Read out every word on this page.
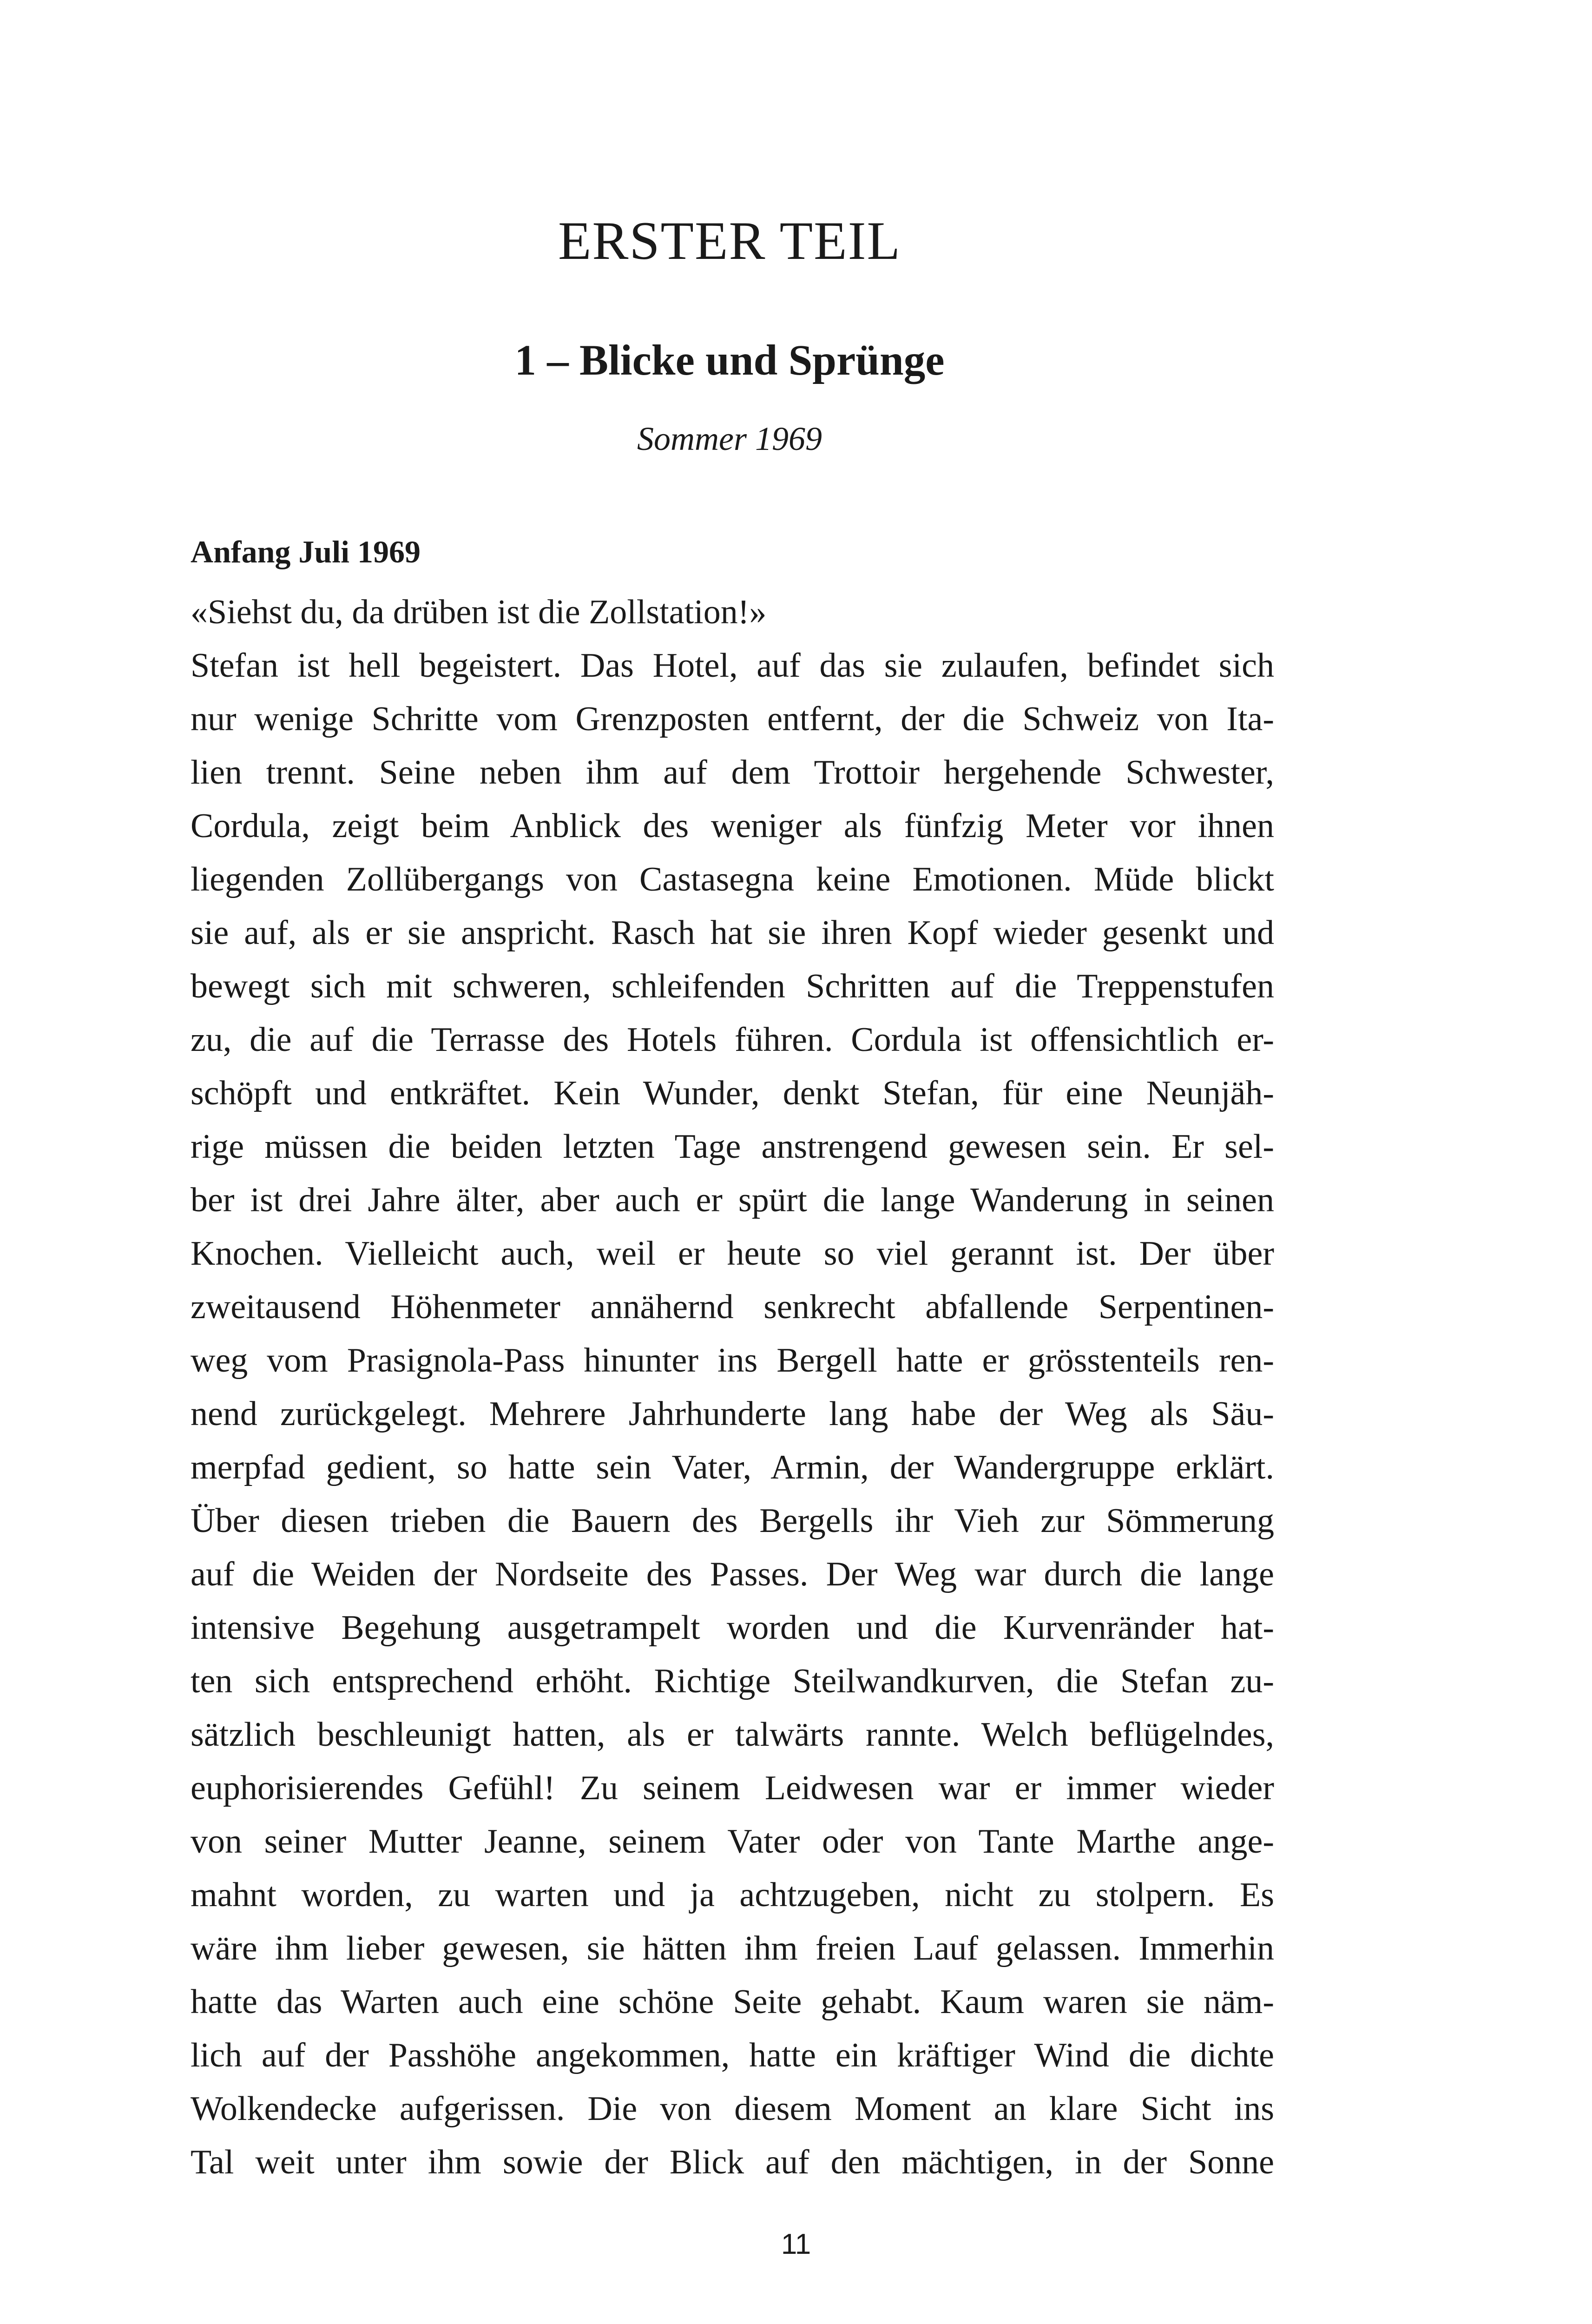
ERSTER TEIL
1 – Blicke und Sprünge
Sommer 1969
Anfang Juli 1969
«Siehst du, da drüben ist die Zollstation!»
Stefan ist hell begeistert. Das Hotel, auf das sie zulaufen, befindet sich
nur wenige Schritte vom Grenzposten entfernt, der die Schweiz von Ita-
lien trennt. Seine neben ihm auf dem Trottoir hergehende Schwester,
Cordula, zeigt beim Anblick des weniger als fünfzig Meter vor ihnen
liegenden Zollübergangs von Castasegna keine Emotionen. Müde blickt
sie auf, als er sie anspricht. Rasch hat sie ihren Kopf wieder gesenkt und
bewegt sich mit schweren, schleifenden Schritten auf die Treppenstufen
zu, die auf die Terrasse des Hotels führen. Cordula ist offensichtlich er-
schöpft und entkräftet. Kein Wunder, denkt Stefan, für eine Neunjäh-
rige müssen die beiden letzten Tage anstrengend gewesen sein. Er sel-
ber ist drei Jahre älter, aber auch er spürt die lange Wanderung in seinen
Knochen. Vielleicht auch, weil er heute so viel gerannt ist. Der über
zweitausend Höhenmeter annähernd senkrecht abfallende Serpentinen-
weg vom Prasignola-Pass hinunter ins Bergell hatte er grösstenteils ren-
nend zurückgelegt. Mehrere Jahrhunderte lang habe der Weg als Säu-
merpfad gedient, so hatte sein Vater, Armin, der Wandergruppe erklärt.
Über diesen trieben die Bauern des Bergells ihr Vieh zur Sömmerung
auf die Weiden der Nordseite des Passes. Der Weg war durch die lange
intensive Begehung ausgetrampelt worden und die Kurvenränder hat-
ten sich entsprechend erhöht. Richtige Steilwandkurven, die Stefan zu-
sätzlich beschleunigt hatten, als er talwärts rannte. Welch beflügelndes,
euphorisierendes Gefühl! Zu seinem Leidwesen war er immer wieder
von seiner Mutter Jeanne, seinem Vater oder von Tante Marthe ange-
mahnt worden, zu warten und ja achtzugeben, nicht zu stolpern. Es
wäre ihm lieber gewesen, sie hätten ihm freien Lauf gelassen. Immerhin
hatte das Warten auch eine schöne Seite gehabt. Kaum waren sie näm-
lich auf der Passhöhe angekommen, hatte ein kräftiger Wind die dichte
Wolkendecke aufgerissen. Die von diesem Moment an klare Sicht ins
Tal weit unter ihm sowie der Blick auf den mächtigen, in der Sonne
11
